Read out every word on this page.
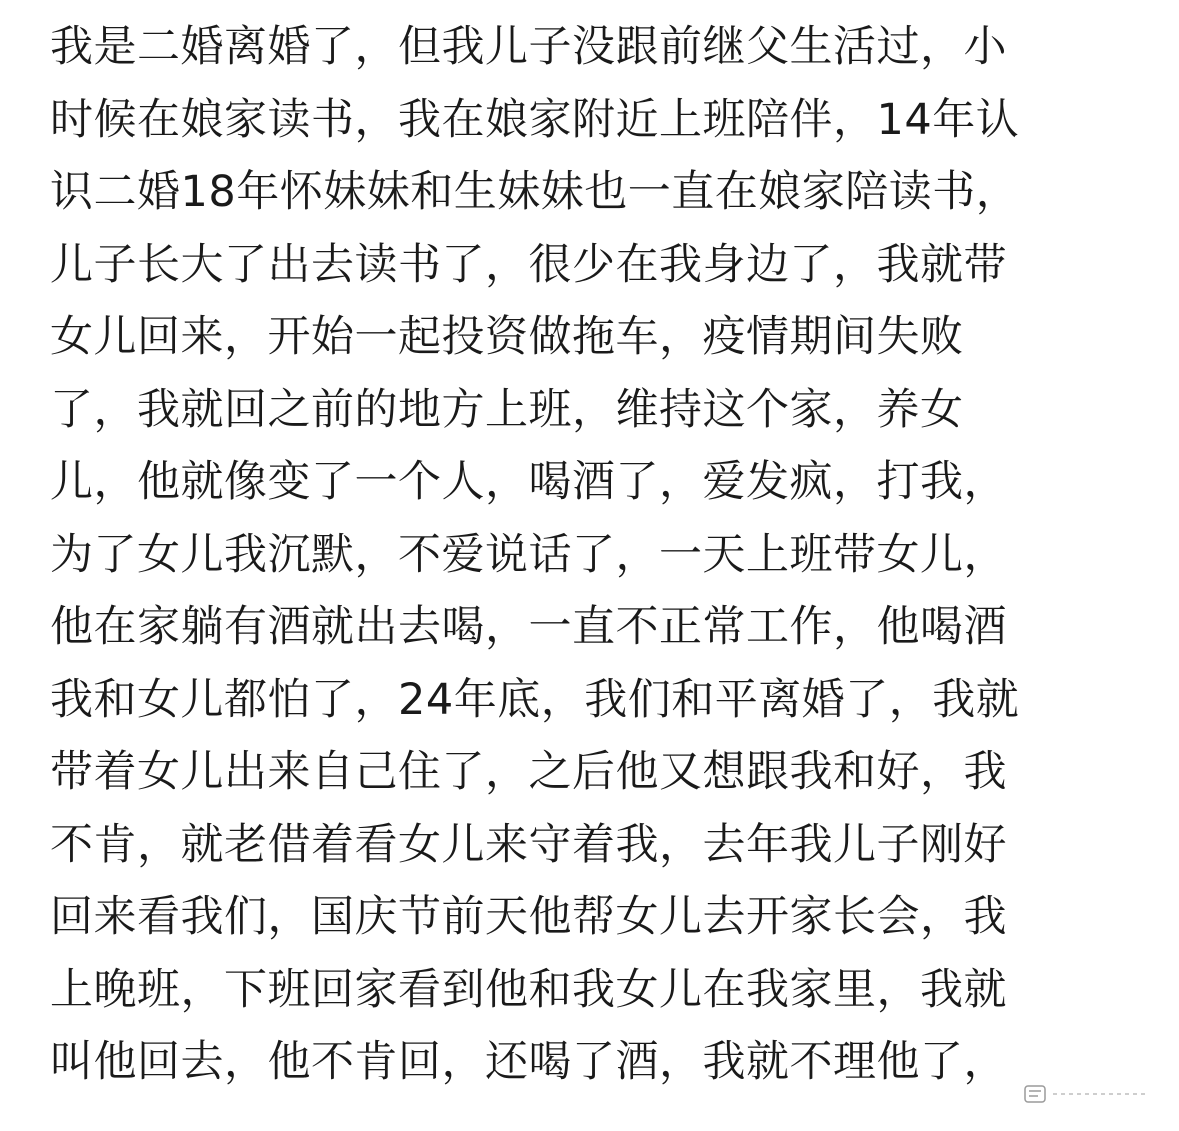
我是二婚离婚了，但我儿子没跟前继父生活过，小
时候在娘家读书，我在娘家附近上班陪伴，14年认
识二婚18年怀妹妹和生妹妹也一直在娘家陪读书，
儿子长大了出去读书了，很少在我身边了，我就带
女儿回来，开始一起投资做拖车，疫情期间失败
了，我就回之前的地方上班，维持这个家，养女
儿，他就像变了一个人，喝酒了，爱发疯，打我，
为了女儿我沉默，不爱说话了，一天上班带女儿，
他在家躺有酒就出去喝，一直不正常工作，他喝酒
我和女儿都怕了，24年底，我们和平离婚了，我就
带着女儿出来自己住了，之后他又想跟我和好，我
不肯，就老借着看女儿来守着我，去年我儿子刚好
回来看我们，国庆节前天他帮女儿去开家长会，我
上晚班，下班回家看到他和我女儿在我家里，我就
叫他回去，他不肯回，还喝了酒，我就不理他了，
